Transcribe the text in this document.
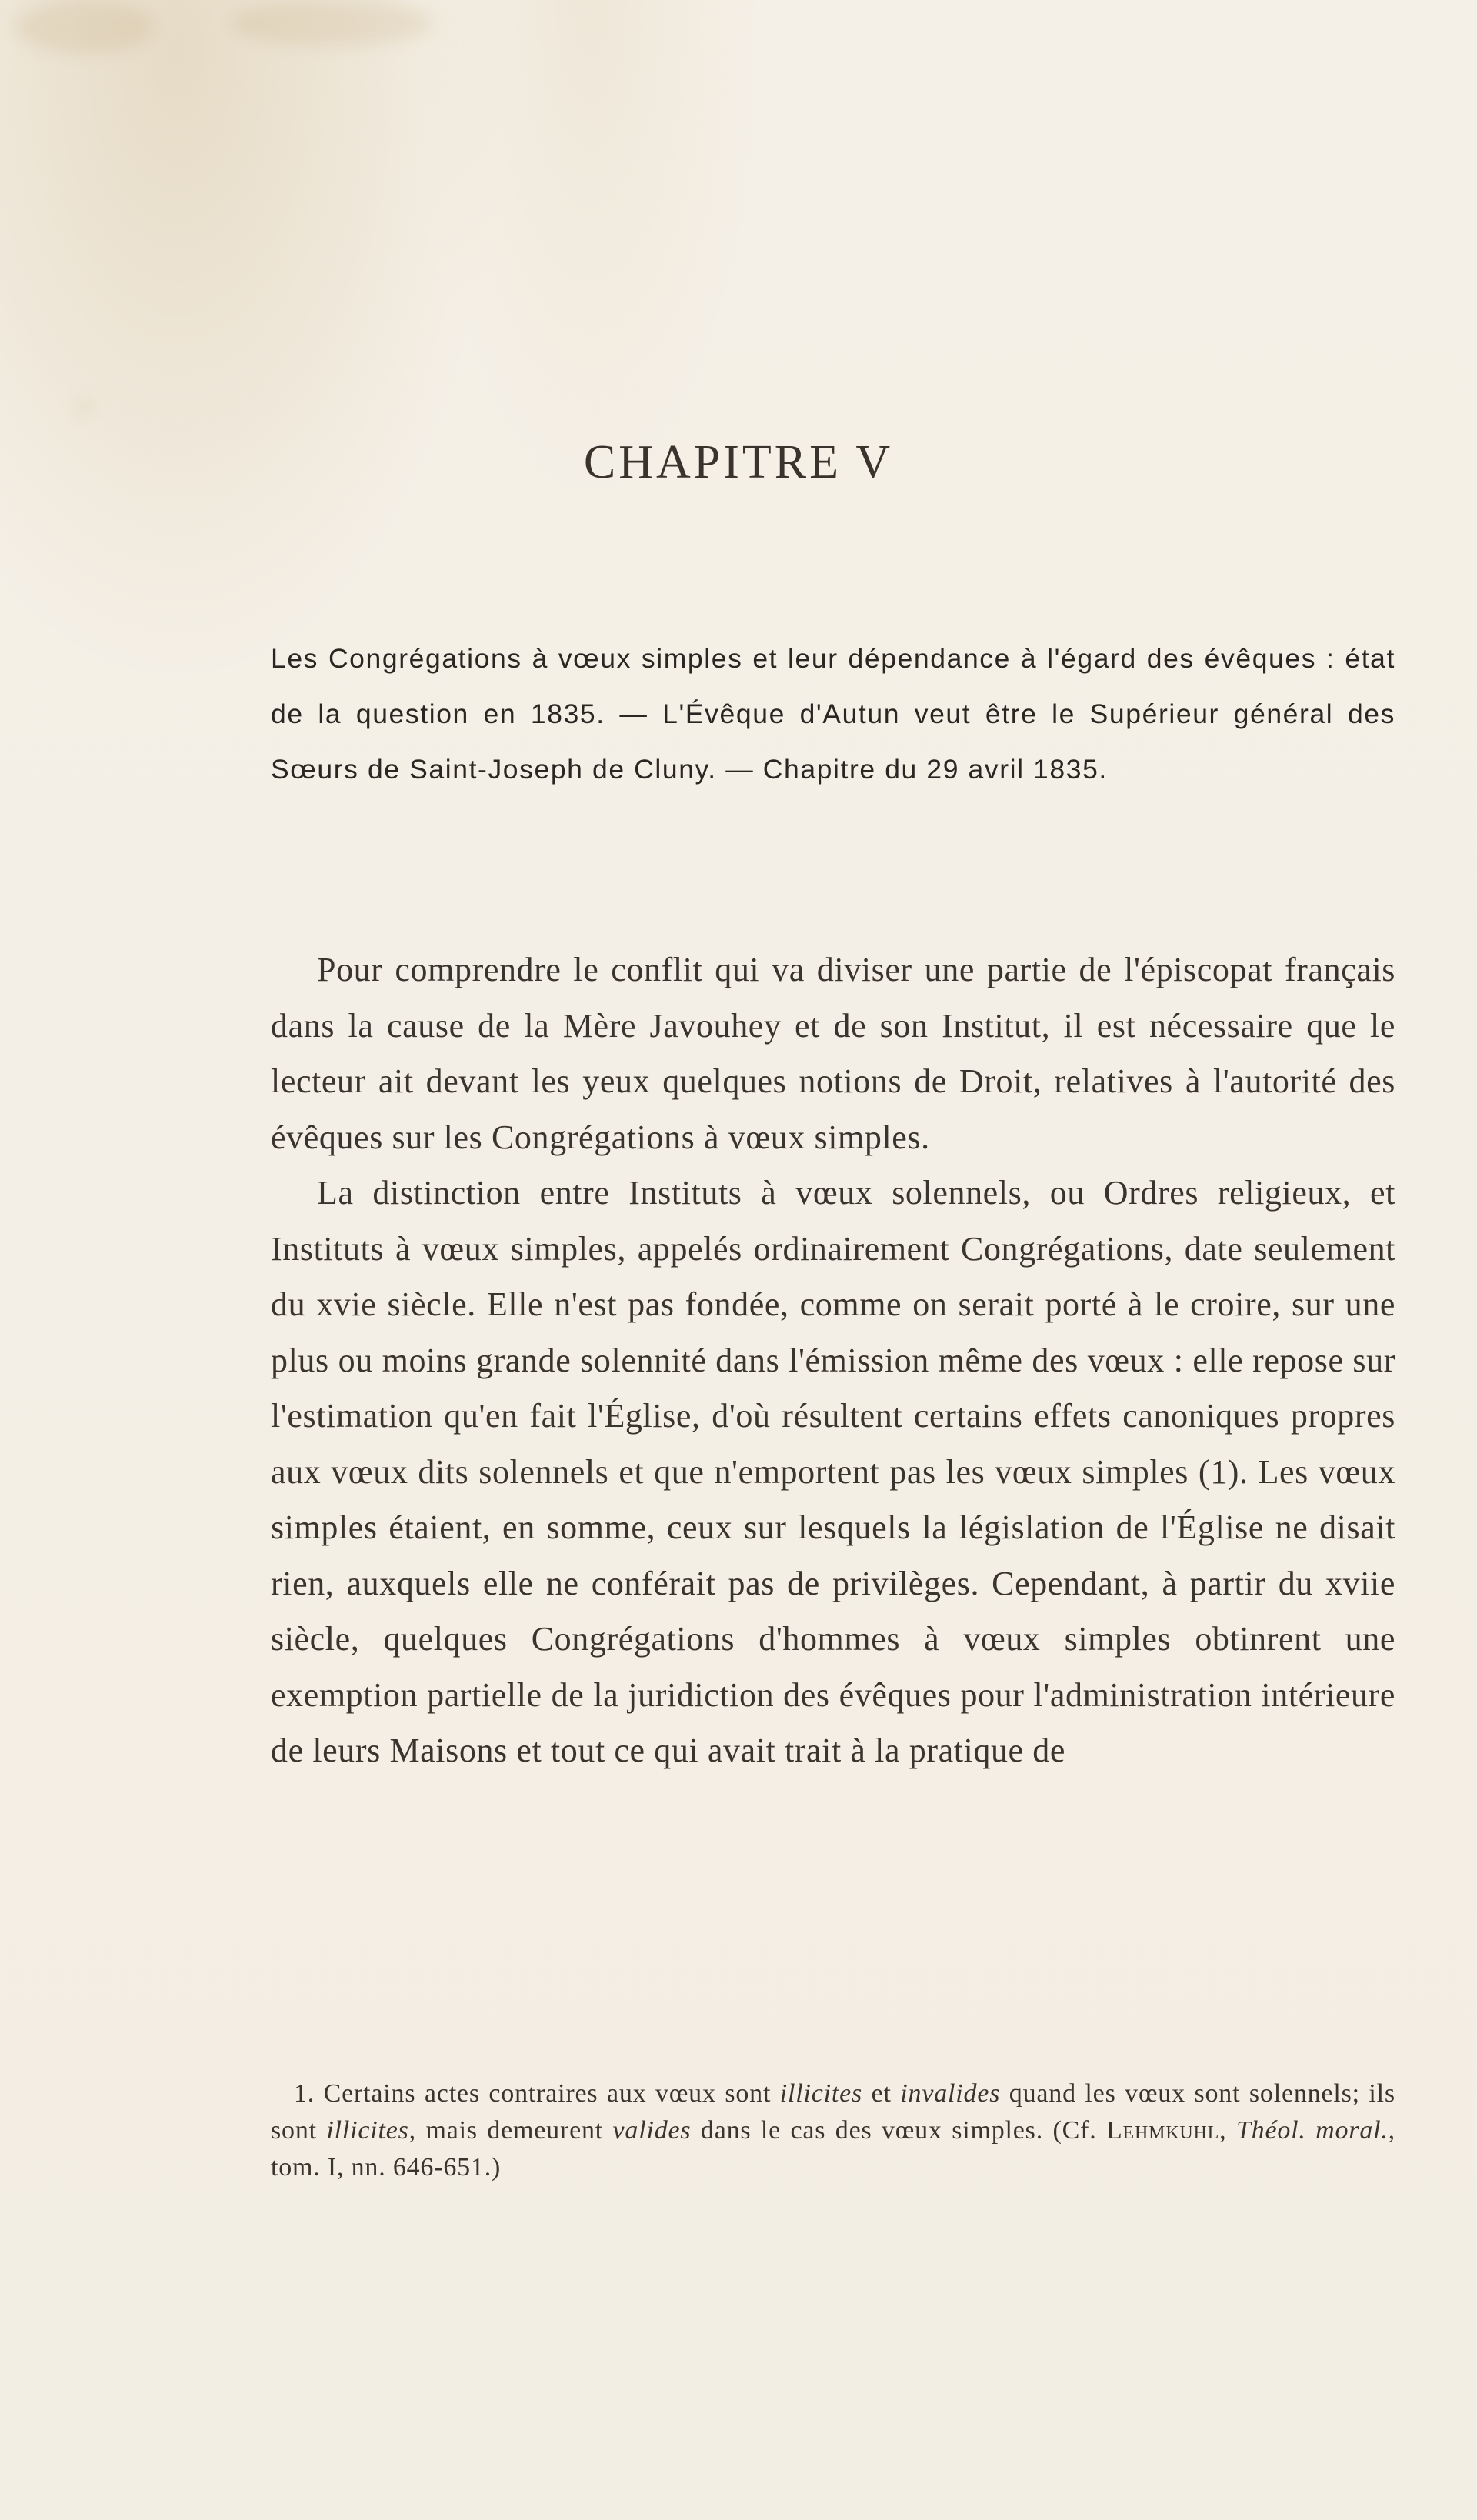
CHAPITRE V

Les Congrégations à vœux simples et leur dépendance à l'égard des évêques : état de la question en 1835. — L'Évêque d'Autun veut être le Supérieur général des Sœurs de Saint-Joseph de Cluny. — Chapitre du 29 avril 1835.

Pour comprendre le conflit qui va diviser une partie de l'épiscopat français dans la cause de la Mère Javouhey et de son Institut, il est nécessaire que le lecteur ait devant les yeux quelques notions de Droit, relatives à l'autorité des évêques sur les Congrégations à vœux simples.

La distinction entre Instituts à vœux solennels, ou Ordres religieux, et Instituts à vœux simples, appelés ordinairement Congrégations, date seulement du xvie siècle. Elle n'est pas fondée, comme on serait porté à le croire, sur une plus ou moins grande solennité dans l'émission même des vœux : elle repose sur l'estimation qu'en fait l'Église, d'où résultent certains effets canoniques propres aux vœux dits solennels et que n'emportent pas les vœux simples (1). Les vœux simples étaient, en somme, ceux sur lesquels la législation de l'Église ne disait rien, auxquels elle ne conférait pas de privilèges. Cependant, à partir du xviie siècle, quelques Congrégations d'hommes à vœux simples obtinrent une exemption partielle de la juridiction des évêques pour l'administration intérieure de leurs Maisons et tout ce qui avait trait à la pratique de

1. Certains actes contraires aux vœux sont illicites et invalides quand les vœux sont solennels; ils sont illicites, mais demeurent valides dans le cas des vœux simples. (Cf. Lehmkuhl, Théol. moral., tom. I, nn. 646-651.)
